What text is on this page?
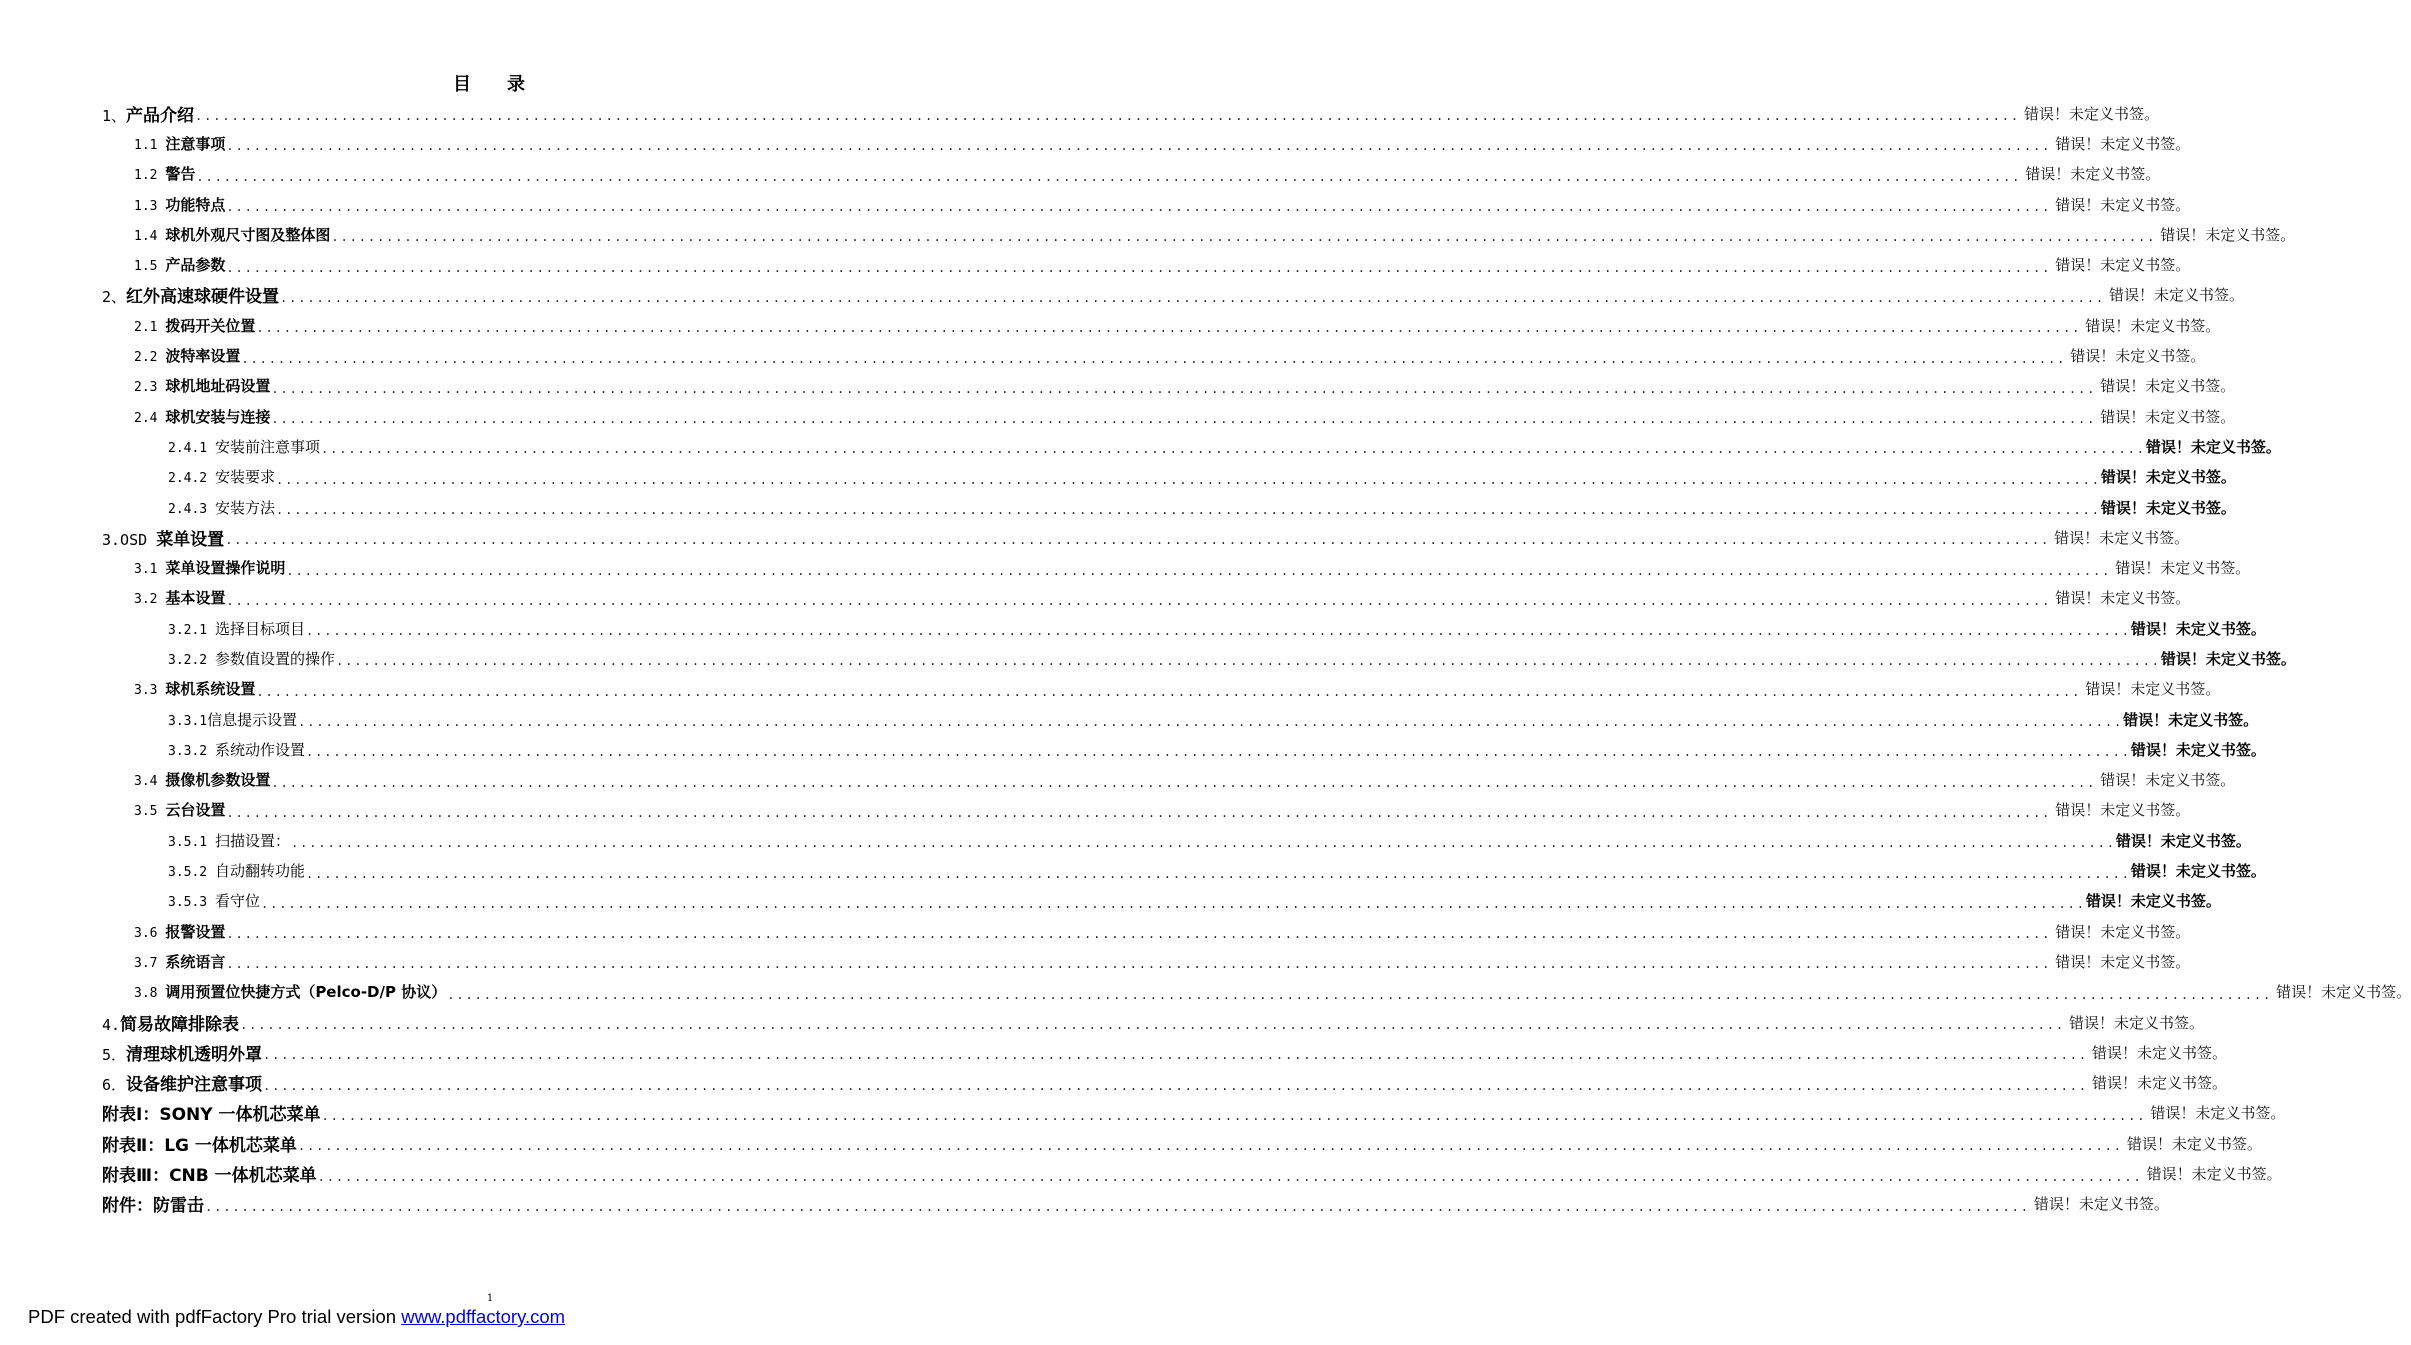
目 录
1、产品介绍 ........................................................................................................................................................................................................ 错误！未定义书签。
1.1 注意事项 ........................................................................................................................................................................................................ 错误！未定义书签。
1.2 警告 ........................................................................................................................................................................................................ 错误！未定义书签。
1.3 功能特点 ........................................................................................................................................................................................................ 错误！未定义书签。
1.4 球机外观尺寸图及整体图 ........................................................................................................................................................................................................ 错误！未定义书签。
1.5 产品参数 ........................................................................................................................................................................................................ 错误！未定义书签。
2、红外高速球硬件设置 ........................................................................................................................................................................................................ 错误！未定义书签。
2.1 拨码开关位置 ........................................................................................................................................................................................................ 错误！未定义书签。
2.2 波特率设置 ........................................................................................................................................................................................................ 错误！未定义书签。
2.3 球机地址码设置 ........................................................................................................................................................................................................ 错误！未定义书签。
2.4 球机安装与连接 ........................................................................................................................................................................................................ 错误！未定义书签。
2.4.1 安装前注意事项 ........................................................................................................................................................................................................ 错误！未定义书签。
2.4.2 安装要求 ........................................................................................................................................................................................................ 错误！未定义书签。
2.4.3 安装方法 ........................................................................................................................................................................................................ 错误！未定义书签。
3.OSD 菜单设置 ........................................................................................................................................................................................................ 错误！未定义书签。
3.1 菜单设置操作说明 ........................................................................................................................................................................................................ 错误！未定义书签。
3.2 基本设置 ........................................................................................................................................................................................................ 错误！未定义书签。
3.2.1 选择目标项目 ........................................................................................................................................................................................................ 错误！未定义书签。
3.2.2 参数值设置的操作 ........................................................................................................................................................................................................ 错误！未定义书签。
3.3 球机系统设置 ........................................................................................................................................................................................................ 错误！未定义书签。
3.3.1信息提示设置 ........................................................................................................................................................................................................ 错误！未定义书签。
3.3.2 系统动作设置 ........................................................................................................................................................................................................ 错误！未定义书签。
3.4 摄像机参数设置 ........................................................................................................................................................................................................ 错误！未定义书签。
3.5 云台设置 ........................................................................................................................................................................................................ 错误！未定义书签。
3.5.1 扫描设置： ........................................................................................................................................................................................................ 错误！未定义书签。
3.5.2 自动翻转功能 ........................................................................................................................................................................................................ 错误！未定义书签。
3.5.3 看守位 ........................................................................................................................................................................................................ 错误！未定义书签。
3.6 报警设置 ........................................................................................................................................................................................................ 错误！未定义书签。
3.7 系统语言 ........................................................................................................................................................................................................ 错误！未定义书签。
3.8 调用预置位快捷方式（Pelco-D/P 协议） ........................................................................................................................................................................................................ 错误！未定义书签。
4.简易故障排除表 ........................................................................................................................................................................................................ 错误！未定义书签。
5．清理球机透明外罩 ........................................................................................................................................................................................................ 错误！未定义书签。
6．设备维护注意事项 ........................................................................................................................................................................................................ 错误！未定义书签。
附表Ⅰ：SONY 一体机芯菜单 ........................................................................................................................................................................................................ 错误！未定义书签。
附表Ⅱ：LG 一体机芯菜单 ........................................................................................................................................................................................................ 错误！未定义书签。
附表Ⅲ：CNB 一体机芯菜单 ........................................................................................................................................................................................................ 错误！未定义书签。
附件：防雷击 ........................................................................................................................................................................................................ 错误！未定义书签。
1
PDF created with pdfFactory Pro trial version www.pdffactory.com
